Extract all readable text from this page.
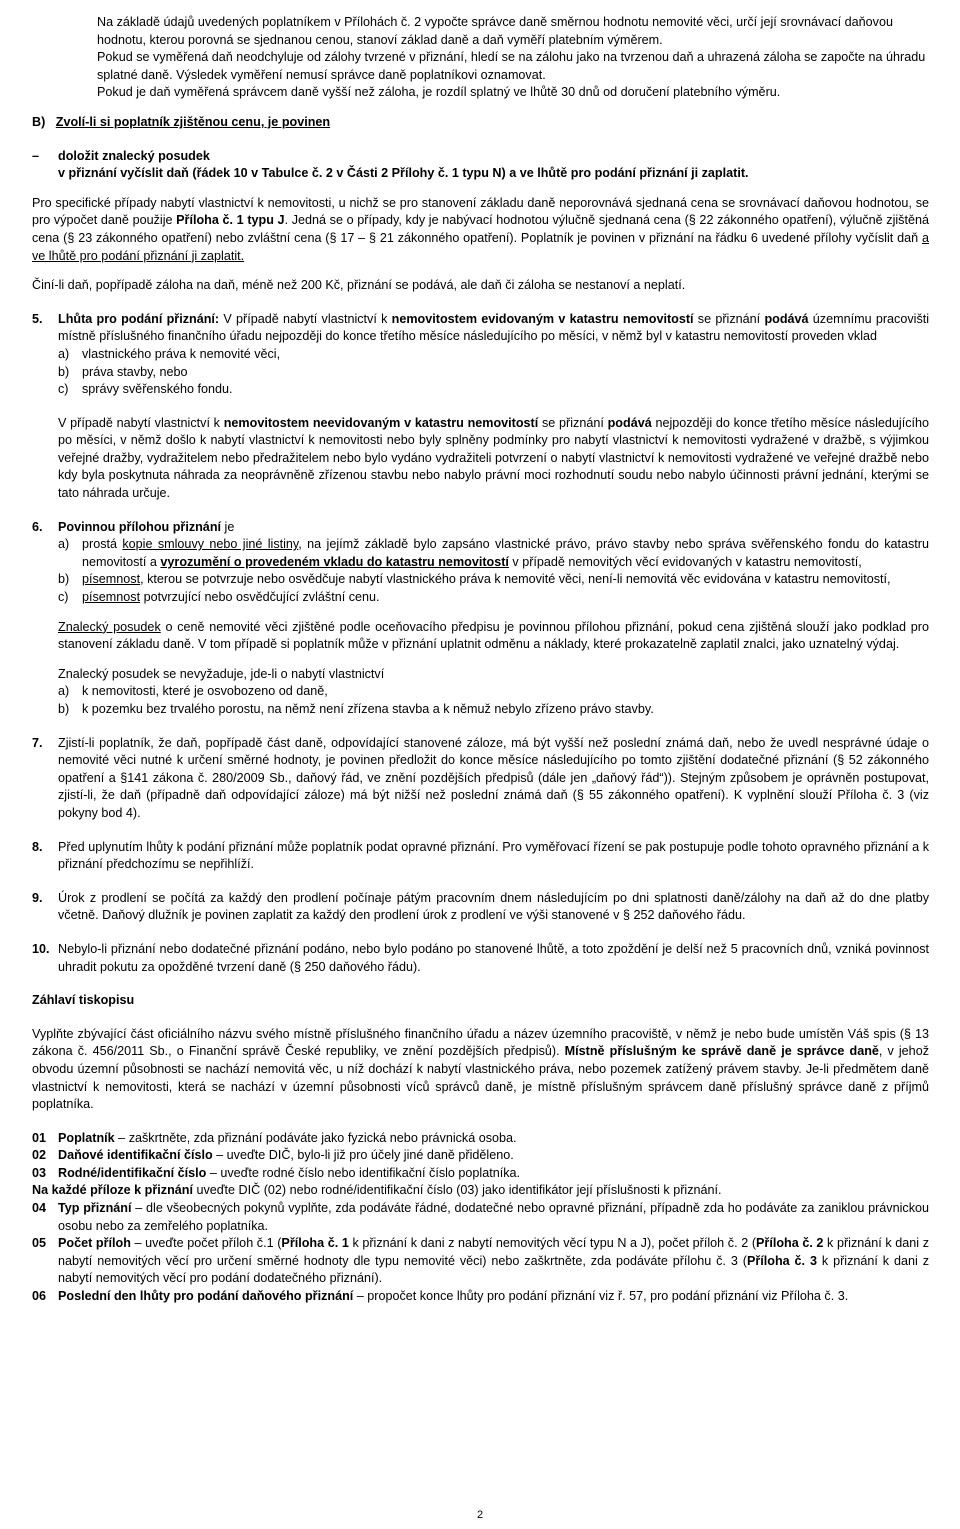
Na základě údajů uvedených poplatníkem v Přílohách č. 2 vypočte správce daně směrnou hodnotu nemovité věci, určí její srovnávací daňovou hodnotu, kterou porovná se sjednanou cenou, stanoví základ daně a daň vyměří platebním výměrem.

Pokud se vyměřená daň neodchyluje od zálohy tvrzené v přiznání, hledí se na zálohu jako na tvrzenou daň a uhrazená záloha se započte na úhradu splatné daně. Výsledek vyměření nemusí správce daně poplatníkovi oznamovat.

Pokud je daň vyměřená správcem daně vyšší než záloha, je rozdíl splatný ve lhůtě 30 dnů od doručení platebního výměru.

B) Zvolí-li si poplatník zjištěnou cenu, je povinen

–	doložit znalecký posudek
v přiznání vyčíslit daň (řádek 10 v Tabulce č. 2 v Části 2 Přílohy č. 1 typu N) a ve lhůtě pro podání přiznání ji zaplatit.

Pro specifické případy nabytí vlastnictví k nemovitosti, u nichž se pro stanovení základu daně neporovnává sjednaná cena se srovnávací daňovou hodnotou, se pro výpočet daně použije Příloha č. 1 typu J. Jedná se o případy, kdy je nabývací hodnotou výlučně sjednaná cena (§ 22 zákonného opatření), výlučně zjištěná cena (§ 23 zákonného opatření) nebo zvláštní cena (§ 17 – § 21 zákonného opatření). Poplatník je povinen v přiznání na řádku 6 uvedené přílohy vyčíslit daň a ve lhůtě pro podání přiznání ji zaplatit.

Činí-li daň, popřípadě záloha na daň, méně než 200 Kč, přiznání se podává, ale daň či záloha se nestanoví a neplatí.

5.	Lhůta pro podání přiznání: V případě nabytí vlastnictví k nemovitostem evidovaným v katastru nemovitostí se přiznání podává územnímu pracovišti místně příslušného finančního úřadu nejpozději do konce třetího měsíce následujícího po měsíci, v němž byl v katastru nemovitostí proveden vklad

a)	vlastnického práva k nemovité věci,
b)	práva stavby, nebo
c)	správy svěřenského fondu.

V případě nabytí vlastnictví k nemovitostem neevidovaným v katastru nemovitostí se přiznání podává nejpozději do konce třetího měsíce následujícího po měsíci, v němž došlo k nabytí vlastnictví k nemovitosti nebo byly splněny podmínky pro nabytí vlastnictví k nemovitosti vydražené v dražbě, s výjimkou veřejné dražby, vydražitelem nebo předražitelem nebo bylo vydáno vydražiteli potvrzení o nabytí vlastnictví k nemovitosti vydražené ve veřejné dražbě nebo kdy byla poskytnuta náhrada za neoprávněně zřízenou stavbu nebo nabylo právní moci rozhodnutí soudu nebo nabylo účinnosti právní jednání, kterými se tato náhrada určuje.

6.	Povinnou přílohou přiznání je

a)	prostá kopie smlouvy nebo jiné listiny, na jejímž základě bylo zapsáno vlastnické právo, právo stavby nebo správa svěřenského fondu do katastru nemovitostí a vyrozumění o provedeném vkladu do katastru nemovitostí v případě nemovitých věcí evidovaných v katastru nemovitostí,
b)	písemnost, kterou se potvrzuje nebo osvědčuje nabytí vlastnického práva k nemovité věci, není-li nemovitá věc evidována v katastru nemovitostí,
c)	písemnost potvrzující nebo osvědčující zvláštní cenu.

Znalecký posudek o ceně nemovité věci zjištěné podle oceňovacího předpisu je povinnou přílohou přiznání, pokud cena zjištěná slouží jako podklad pro stanovení základu daně. V tom případě si poplatník může v přiznání uplatnit odměnu a náklady, které prokazatelně zaplatil znalci, jako uznatelný výdaj.

Znalecký posudek se nevyžaduje, jde-li o nabytí vlastnictví

a)	k nemovitosti, které je osvobozeno od daně,
b)	k pozemku bez trvalého porostu, na němž není zřízena stavba a k němuž nebylo zřízeno právo stavby.
7.	Zjistí-li poplatník, že daň, popřípadě část daně, odpovídající stanovené záloze, má být vyšší než poslední známá daň, nebo že uvedl nesprávné údaje o nemovité věci nutné k určení směrné hodnoty, je povinen předložit do konce měsíce následujícího po tomto zjištění dodatečné přiznání (§ 52 zákonného opatření a §141 zákona č. 280/2009 Sb., daňový řád, ve znění pozdějších předpisů (dále jen „daňový řád“)). Stejným způsobem je oprávněn postupovat, zjistí-li, že daň (případně daň odpovídající záloze) má být nižší než poslední známá daň (§ 55 zákonného opatření). K vyplnění slouží Příloha č. 3 (viz pokyny bod 4).

8.	Před uplynutím lhůty k podání přiznání může poplatník podat opravné přiznání. Pro vyměřovací řízení se pak postupuje podle tohoto opravného přiznání a k přiznání předchozímu se nepřihlíží.

9.	Úrok z prodlení se počítá za každý den prodlení počínaje pátým pracovním dnem následujícím po dni splatnosti daně/zálohy na daň až do dne platby včetně. Daňový dlužník je povinen zaplatit za každý den prodlení úrok z prodlení ve výši stanovené v § 252 daňového řádu.

10. Nebylo-li přiznání nebo dodatečné přiznání podáno, nebo bylo podáno po stanovené lhůtě, a toto zpoždění je delší než 5 pracovních dnů, vzniká povinnost uhradit pokutu za opožděné tvrzení daně (§ 250 daňového řádu).

Záhlaví tiskopisu

Vyplňte zbývající část oficiálního názvu svého místně příslušného finančního úřadu a název územního pracoviště, v němž je nebo bude umístěn Váš spis (§ 13 zákona č. 456/2011 Sb., o Finanční správě České republiky, ve znění pozdějších předpisů). Místně příslušným ke správě daně je správce daně, v jehož obvodu územní působnosti se nachází nemovitá věc, u níž dochází k nabytí vlastnického práva, nebo pozemek zatížený právem stavby. Je-li předmětem daně vlastnictví k nemovitosti, která se nachází v územní působnosti víců správců daně, je místně příslušným správcem daně příslušný správce daně z příjmů poplatníka.

01 Poplatník – zaškrtněte, zda přiznání podáváte jako fyzická nebo právnická osoba.
02 Daňové identifikační číslo – uveďte DIČ, bylo-li již pro účely jiné daně přiděleno.
03 Rodné/identifikační číslo – uveďte rodné číslo nebo identifikační číslo poplatníka.

Na každé příloze k přiznání uveďte DIČ (02) nebo rodné/identifikační číslo (03) jako identifikátor její příslušnosti k přiznání.

04 Typ přiznání – dle všeobecných pokynů vyplňte, zda podáváte řádné, dodatečné nebo opravné přiznání, případně zda ho podáváte za zaniklou právnickou osobu nebo za zemřelého poplatníka.
05 Počet příloh – uveďte počet příloh č.1 (Příloha č. 1 k přiznání k dani z nabytí nemovitých věcí typu N a J), počet příloh č. 2 (Příloha č. 2 k přiznání k dani z nabytí nemovitých věcí pro určení směrné hodnoty dle typu nemovité věci) nebo zaškrtněte, zda podáváte přílohu č. 3 (Příloha č. 3 k přiznání k dani z nabytí nemovitých věcí pro podání dodatečného přiznání).
06 Poslední den lhůty pro podání daňového přiznání – propočet konce lhůty pro podání přiznání viz ř. 57, pro podání přiznání viz Příloha č. 3.
2
